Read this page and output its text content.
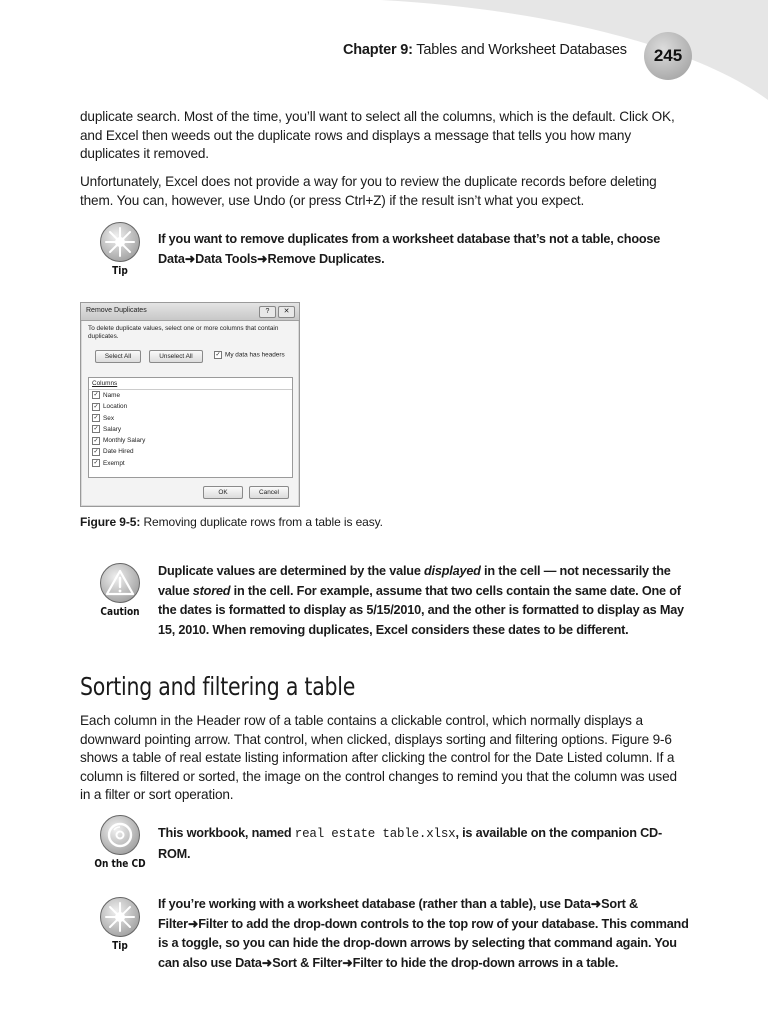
Chapter 9: Tables and Worksheet Databases	245

duplicate search. Most of the time, you’ll want to select all the columns, which is the default. Click OK, and Excel then weeds out the duplicate rows and displays a message that tells you how many duplicates it removed.

Unfortunately, Excel does not provide a way for you to review the duplicate records before deleting them. You can, however, use Undo (or press Ctrl+Z) if the result isn’t what you expect.

Tip
If you want to remove duplicates from a worksheet database that’s not a table, choose Data➜Data Tools➜Remove Duplicates.
Remove Duplicates	?	✕
To delete duplicate values, select one or more columns that contain duplicates.
Select All	Unselect All	✓ My data has headers
Columns
✓ Name
✓ Location
✓ Sex
✓ Salary
✓ Monthly Salary
✓ Date Hired
✓ Exempt
OK	Cancel
Figure 9-5: Removing duplicate rows from a table is easy.
Caution
Duplicate values are determined by the value displayed in the cell — not necessarily the value stored in the cell. For example, assume that two cells contain the same date. One of the dates is formatted to display as 5/15/2010, and the other is formatted to display as May 15, 2010. When removing duplicates, Excel considers these dates to be different.
Sorting and filtering a table

Each column in the Header row of a table contains a clickable control, which normally displays a downward pointing arrow. That control, when clicked, displays sorting and filtering options. Figure 9-6 shows a table of real estate listing information after clicking the control for the Date Listed column. If a column is filtered or sorted, the image on the control changes to remind you that the column was used in a filter or sort operation.

On the CD
This workbook, named real estate table.xlsx, is available on the companion CD-ROM.
Tip
If you’re working with a worksheet database (rather than a table), use Data➜Sort & Filter➜Filter to add the drop-down controls to the top row of your database. This command is a toggle, so you can hide the drop-down arrows by selecting that command again. You can also use Data➜Sort & Filter➜Filter to hide the drop-down arrows in a table.
